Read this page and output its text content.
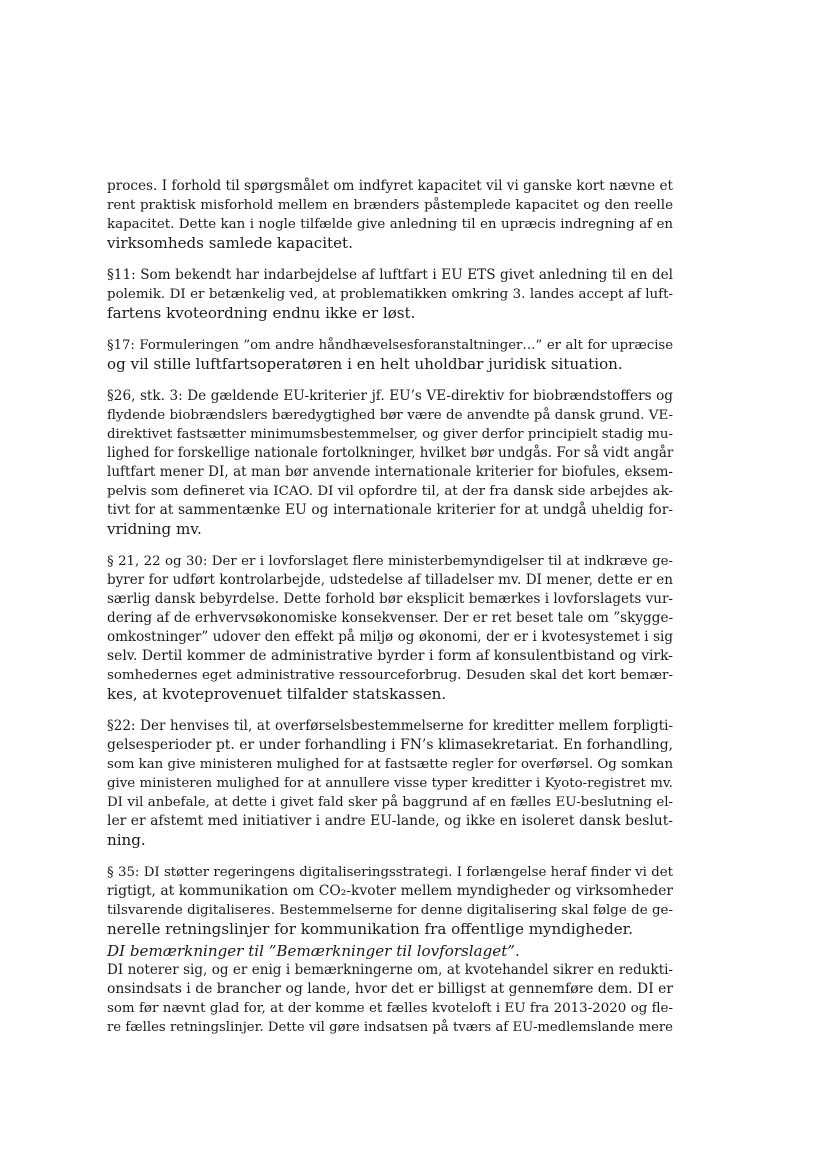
proces. I forhold til spørgsmålet om indfyret kapacitet vil vi ganske kort nævne et
rent praktisk misforhold mellem en brænders påstemplede kapacitet og den reelle
kapacitet. Dette kan i nogle tilfælde give anledning til en upræcis indregning af en
virksomheds samlede kapacitet.
§11: Som bekendt har indarbejdelse af luftfart i EU ETS givet anledning til en del
polemik. DI er betænkelig ved, at problematikken omkring 3. landes accept af luft-
fartens kvoteordning endnu ikke er løst.
§17: Formuleringen ”om andre håndhævelsesforanstaltninger…” er alt for upræcise
og vil stille luftfartsoperatøren i en helt uholdbar juridisk situation.
§26, stk. 3: De gældende EU-kriterier jf. EU’s VE-direktiv for biobrændstoffers og
flydende biobrændslers bæredygtighed bør være de anvendte på dansk grund. VE-
direktivet fastsætter minimumsbestemmelser, og giver derfor principielt stadig mu-
lighed for forskellige nationale fortolkninger, hvilket bør undgås. For så vidt angår
luftfart mener DI, at man bør anvende internationale kriterier for biofules, eksem-
pelvis som defineret via ICAO. DI vil opfordre til, at der fra dansk side arbejdes ak-
tivt for at sammentænke EU og internationale kriterier for at undgå uheldig for-
vridning mv.
§ 21, 22 og 30: Der er i lovforslaget flere ministerbemyndigelser til at indkræve ge-
byrer for udført kontrolarbejde, udstedelse af tilladelser mv. DI mener, dette er en
særlig dansk bebyrdelse. Dette forhold bør eksplicit bemærkes i lovforslagets vur-
dering af de erhvervsøkonomiske konsekvenser. Der er ret beset tale om ”skygge-
omkostninger” udover den effekt på miljø og økonomi, der er i kvotesystemet i sig
selv. Dertil kommer de administrative byrder i form af konsulentbistand og virk-
somhedernes eget administrative ressourceforbrug. Desuden skal det kort bemær-
kes, at kvoteprovenuet tilfalder statskassen.
§22: Der henvises til, at overførselsbestemmelserne for kreditter mellem forpligti-
gelsesperioder pt. er under forhandling i FN’s klimasekretariat. En forhandling,
som kan give ministeren mulighed for at fastsætte regler for overførsel. Og somkan
give ministeren mulighed for at annullere visse typer kreditter i Kyoto-registret mv.
DI vil anbefale, at dette i givet fald sker på baggrund af en fælles EU-beslutning el-
ler er afstemt med initiativer i andre EU-lande, og ikke en isoleret dansk beslut-
ning.
§ 35: DI støtter regeringens digitaliseringsstrategi. I forlængelse heraf finder vi det
rigtigt, at kommunikation om CO₂-kvoter mellem myndigheder og virksomheder
tilsvarende digitaliseres. Bestemmelserne for denne digitalisering skal følge de ge-
nerelle retningslinjer for kommunikation fra offentlige myndigheder.
DI bemærkninger til ”Bemærkninger til lovforslaget”.
DI noterer sig, og er enig i bemærkningerne om, at kvotehandel sikrer en redukti-
onsindsats i de brancher og lande, hvor det er billigst at gennemføre dem. DI er
som før nævnt glad for, at der komme et fælles kvoteloft i EU fra 2013-2020 og fle-
re fælles retningslinjer. Dette vil gøre indsatsen på tværs af EU-medlemslande mere
